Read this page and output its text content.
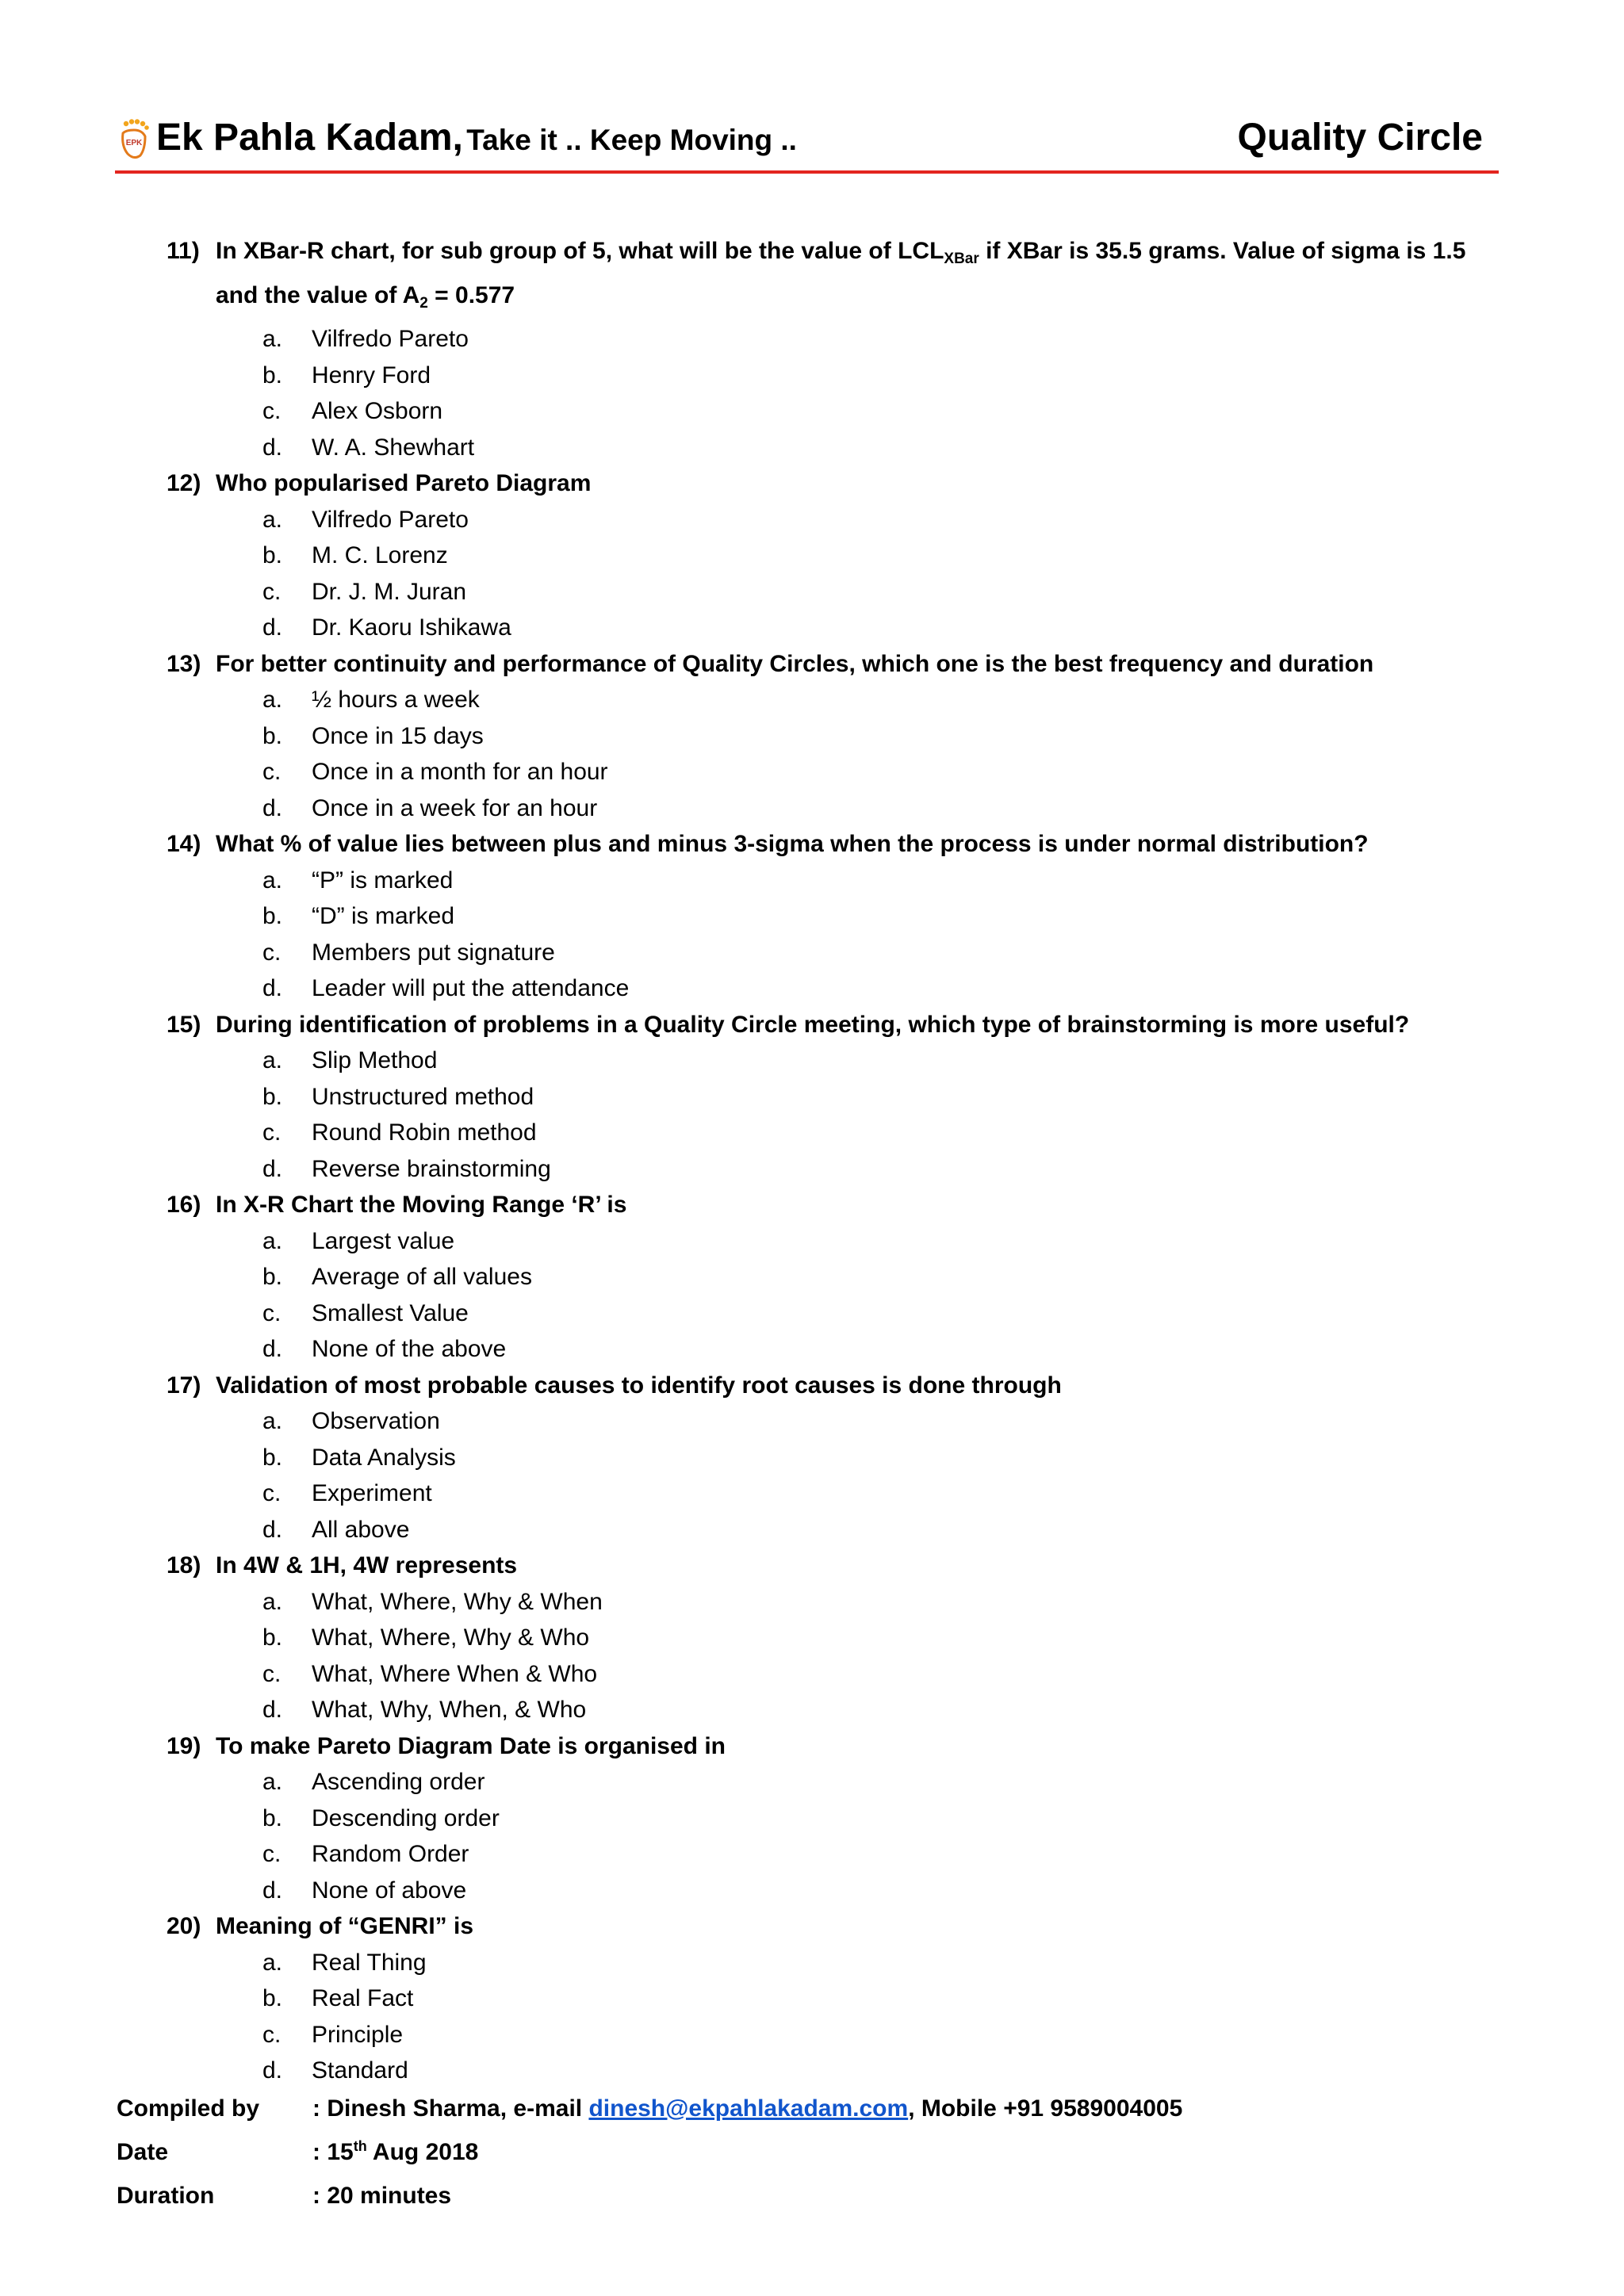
EPK Ek Pahla Kadam, Take it .. Keep Moving ..	Quality Circle
11) In XBar-R chart, for sub group of 5, what will be the value of $LCL_{XBar}$ if XBar is 35.5 grams. Value of sigma is 1.5 and the value of $A_2 = 0.577$
a.	Vilfredo Pareto
b.	Henry Ford
c.	Alex Osborn
d.	W. A. Shewhart
12) Who popularised Pareto Diagram
a.	Vilfredo Pareto
b.	M. C. Lorenz
c.	Dr. J. M. Juran
d.	Dr. Kaoru Ishikawa
13) For better continuity and performance of Quality Circles, which one is the best frequency and duration
a.	½ hours a week
b.	Once in 15 days
c.	Once in a month for an hour
d.	Once in a week for an hour
14) What % of value lies between plus and minus 3-sigma when the process is under normal distribution?
a.	“P” is marked
b.	“D” is marked
c.	Members put signature
d.	Leader will put the attendance
15) During identification of problems in a Quality Circle meeting, which type of brainstorming is more useful?
a.	Slip Method
b.	Unstructured method
c.	Round Robin method
d.	Reverse brainstorming
16) In X-R Chart the Moving Range ‘R’ is
a.	Largest value
b.	Average of all values
c.	Smallest Value
d.	None of the above
17) Validation of most probable causes to identify root causes is done through
a.	Observation
b.	Data Analysis
c.	Experiment
d.	All above
18) In 4W & 1H, 4W represents
a.	What, Where, Why & When
b.	What, Where, Why & Who
c.	What, Where When & Who
d.	What, Why, When, & Who
19) To make Pareto Diagram Date is organised in
a.	Ascending order
b.	Descending order
c.	Random Order
d.	None of above
20) Meaning of “GENRI” is
a.	Real Thing
b.	Real Fact
c.	Principle
d.	Standard
Compiled by	: Dinesh Sharma, e-mail dinesh@ekpahlakadam.com, Mobile +91 9589004005
Date	: 15th Aug 2018
Duration	: 20 minutes
